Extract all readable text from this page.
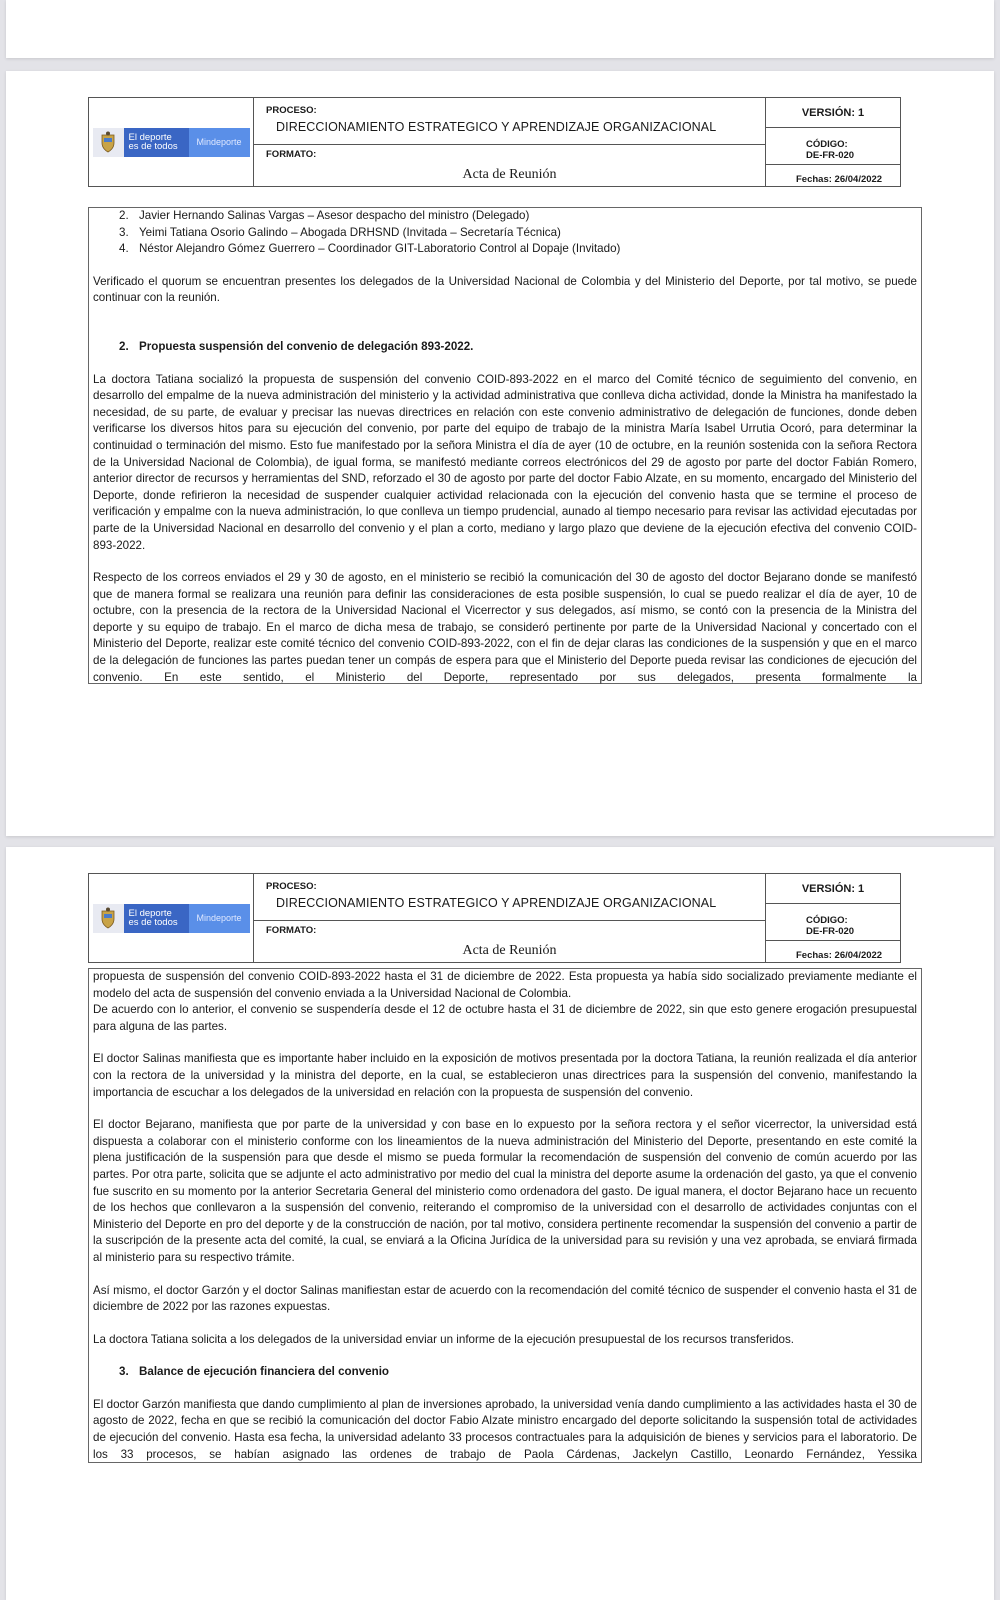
El deporte
es de todos	Mindeporte
PROCESO:
DIRECCIONAMIENTO ESTRATEGICO Y APRENDIZAJE ORGANIZACIONAL
FORMATO:
Acta de Reunión
VERSIÓN: 1
CÓDIGO:
DE-FR-020
Fechas: 26/04/2022
2. Javier Hernando Salinas Vargas – Asesor despacho del ministro (Delegado)
3. Yeimi Tatiana Osorio Galindo – Abogada DRHSND (Invitada – Secretaría Técnica)
4. Néstor Alejandro Gómez Guerrero – Coordinador GIT-Laboratorio Control al Dopaje (Invitado)

Verificado el quorum se encuentran presentes los delegados de la Universidad Nacional de Colombia y del Ministerio del Deporte, por tal motivo, se puede continuar con la reunión.

2. Propuesta suspensión del convenio de delegación 893-2022.

La doctora Tatiana socializó la propuesta de suspensión del convenio COID-893-2022 en el marco del Comité técnico de seguimiento del convenio, en desarrollo del empalme de la nueva administración del ministerio y la actividad administrativa que conlleva dicha actividad, donde la Ministra ha manifestado la necesidad, de su parte, de evaluar y precisar las nuevas directrices en relación con este convenio administrativo de delegación de funciones, donde deben verificarse los diversos hitos para su ejecución del convenio, por parte del equipo de trabajo de la ministra María Isabel Urrutia Ocoró, para determinar la continuidad o terminación del mismo. Esto fue manifestado por la señora Ministra el día de ayer (10 de octubre, en la reunión sostenida con la señora Rectora de la Universidad Nacional de Colombia), de igual forma, se manifestó mediante correos electrónicos del 29 de agosto por parte del doctor Fabián Romero, anterior director de recursos y herramientas del SND, reforzado el 30 de agosto por parte del doctor Fabio Alzate, en su momento, encargado del Ministerio del Deporte, donde refirieron la necesidad de suspender cualquier actividad relacionada con la ejecución del convenio hasta que se termine el proceso de verificación y empalme con la nueva administración, lo que conlleva un tiempo prudencial, aunado al tiempo necesario para revisar las actividad ejecutadas por parte de la Universidad Nacional en desarrollo del convenio y el plan a corto, mediano y largo plazo que deviene de la ejecución efectiva del convenio COID-893-2022.

Respecto de los correos enviados el 29 y 30 de agosto, en el ministerio se recibió la comunicación del 30 de agosto del doctor Bejarano donde se manifestó que de manera formal se realizara una reunión para definir las consideraciones de esta posible suspensión, lo cual se puedo realizar el día de ayer, 10 de octubre, con la presencia de la rectora de la Universidad Nacional el Vicerrector y sus delegados, así mismo, se contó con la presencia de la Ministra del deporte y su equipo de trabajo. En el marco de dicha mesa de trabajo, se consideró pertinente por parte de la Universidad Nacional y concertado con el Ministerio del Deporte, realizar este comité técnico del convenio COID-893-2022, con el fin de dejar claras las condiciones de la suspensión y que en el marco de la delegación de funciones las partes puedan tener un compás de espera para que el Ministerio del Deporte pueda revisar las condiciones de ejecución del convenio. En este sentido, el Ministerio del Deporte, representado por sus delegados, presenta formalmente la

El deporte
es de todos	Mindeporte
PROCESO:
DIRECCIONAMIENTO ESTRATEGICO Y APRENDIZAJE ORGANIZACIONAL
FORMATO:
Acta de Reunión
VERSIÓN: 1
CÓDIGO:
DE-FR-020
Fechas: 26/04/2022

propuesta de suspensión del convenio COID-893-2022 hasta el 31 de diciembre de 2022. Esta propuesta ya había sido socializado previamente mediante el modelo del acta de suspensión del convenio enviada a la Universidad Nacional de Colombia.

De acuerdo con lo anterior, el convenio se suspendería desde el 12 de octubre hasta el 31 de diciembre de 2022, sin que esto genere erogación presupuestal para alguna de las partes.

El doctor Salinas manifiesta que es importante haber incluido en la exposición de motivos presentada por la doctora Tatiana, la reunión realizada el día anterior con la rectora de la universidad y la ministra del deporte, en la cual, se establecieron unas directrices para la suspensión del convenio, manifestando la importancia de escuchar a los delegados de la universidad en relación con la propuesta de suspensión del convenio.

El doctor Bejarano, manifiesta que por parte de la universidad y con base en lo expuesto por la señora rectora y el señor vicerrector, la universidad está dispuesta a colaborar con el ministerio conforme con los lineamientos de la nueva administración del Ministerio del Deporte, presentando en este comité la plena justificación de la suspensión para que desde el mismo se pueda formular la recomendación de suspensión del convenio de común acuerdo por las partes. Por otra parte, solicita que se adjunte el acto administrativo por medio del cual la ministra del deporte asume la ordenación del gasto, ya que el convenio fue suscrito en su momento por la anterior Secretaria General del ministerio como ordenadora del gasto. De igual manera, el doctor Bejarano hace un recuento de los hechos que conllevaron a la suspensión del convenio, reiterando el compromiso de la universidad con el desarrollo de actividades conjuntas con el Ministerio del Deporte en pro del deporte y de la construcción de nación, por tal motivo, considera pertinente recomendar la suspensión del convenio a partir de la suscripción de la presente acta del comité, la cual, se enviará a la Oficina Jurídica de la universidad para su revisión y una vez aprobada, se enviará firmada al ministerio para su respectivo trámite.

Así mismo, el doctor Garzón y el doctor Salinas manifiestan estar de acuerdo con la recomendación del comité técnico de suspender el convenio hasta el 31 de diciembre de 2022 por las razones expuestas.

La doctora Tatiana solicita a los delegados de la universidad enviar un informe de la ejecución presupuestal de los recursos transferidos.

3. Balance de ejecución financiera del convenio

El doctor Garzón manifiesta que dando cumplimiento al plan de inversiones aprobado, la universidad venía dando cumplimiento a las actividades hasta el 30 de agosto de 2022, fecha en que se recibió la comunicación del doctor Fabio Alzate ministro encargado del deporte solicitando la suspensión total de actividades de ejecución del convenio. Hasta esa fecha, la universidad adelanto 33 procesos contractuales para la adquisición de bienes y servicios para el laboratorio. De los 33 procesos, se habían asignado las ordenes de trabajo de Paola Cárdenas, Jackelyn Castillo, Leonardo Fernández, Yessika
